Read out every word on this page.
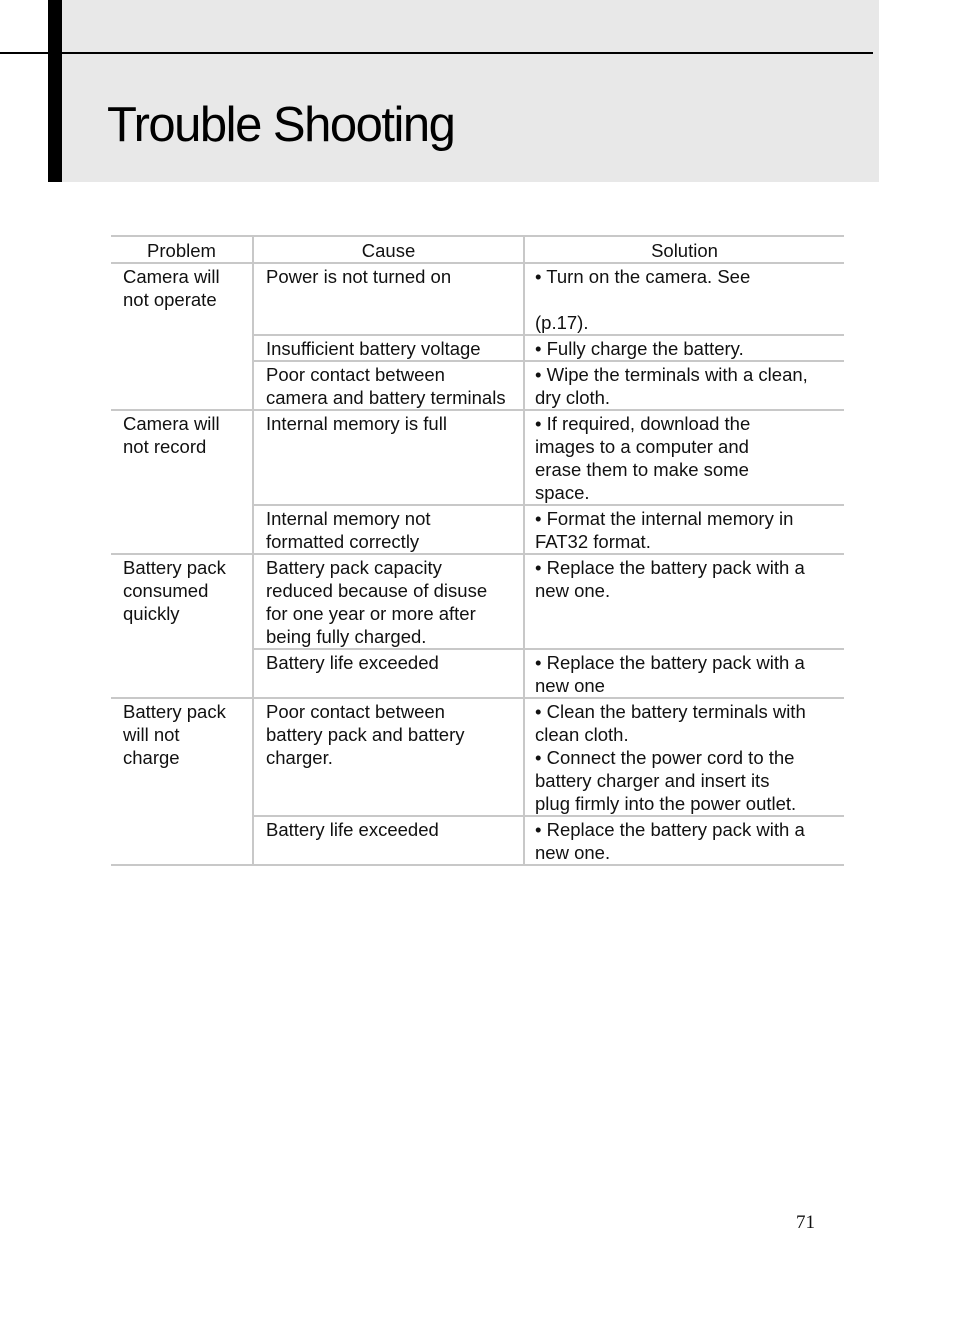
Trouble Shooting
Problem	Cause	Solution

Camera will
not operate	Power is not turned on	• Turn on the camera. See

(p.17).

	Insufficient battery voltage	• Fully charge the battery.

	Poor contact between
camera and battery terminals	• Wipe the terminals with a clean,
dry cloth.

Camera will
not record	Internal memory is full	• If required, download the
images to a computer and
erase them to make some
space.

	Internal memory not
formatted correctly	• Format the internal memory in
FAT32 format.

Battery pack
consumed
quickly	Battery pack capacity
reduced because of disuse
for one year or more after
being fully charged.	• Replace the battery pack with a
new one.

	Battery life exceeded	• Replace the battery pack with a
new one

Battery pack
will not
charge	Poor contact between
battery pack and battery
charger.	• Clean the battery terminals with
clean cloth.
• Connect the power cord to the
battery charger and insert its
plug firmly into the power outlet.

	Battery life exceeded	• Replace the battery pack with a
new one.
71
